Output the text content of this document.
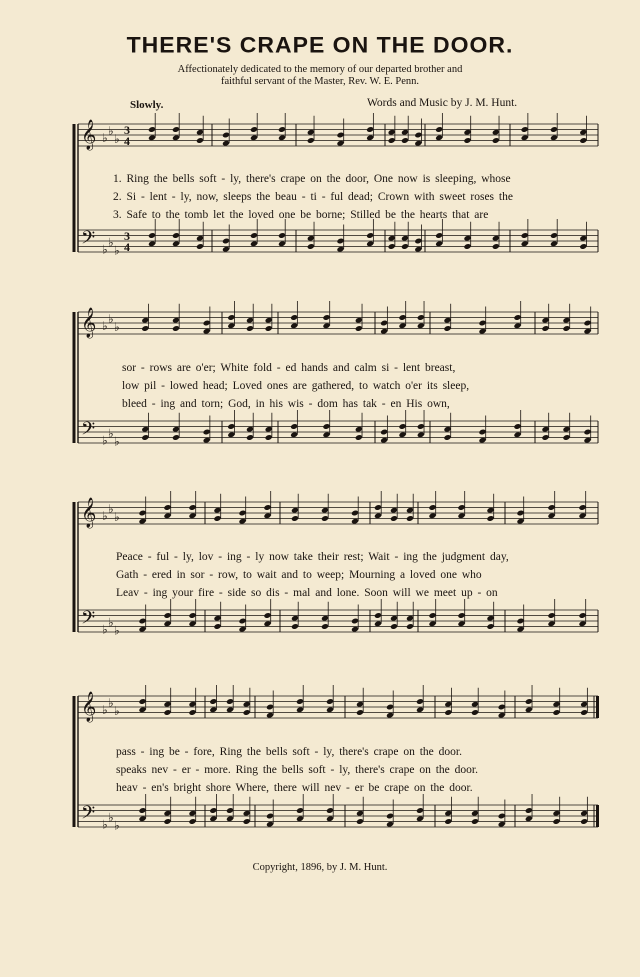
THERE'S CRAPE ON THE DOOR.
Affectionately dedicated to the memory of our departed brother and
faithful servant of the Master, Rev. W. E. Penn.
Slowly.	Words and Music by J. M. Hunt.
1. Ring the bells soft - ly, there's crape on the door, One now is sleeping, whose
2. Si - lent - ly, now, sleeps the beau - ti - ful dead; Crown with sweet roses the
3. Safe to the tomb let the loved one be borne; Stilled be the hearts that are
sor - rows are o'er; White fold - ed hands and calm si - lent breast,
low pil - lowed head; Loved ones are gathered, to watch o'er its sleep,
bleed - ing and torn; God, in his wis - dom has tak - en His own,
Peace - ful - ly, lov - ing - ly now take their rest; Wait - ing the judgment day,
Gath - ered in sor - row, to wait and to weep; Mourning a loved one who
Leav - ing your fire - side so dis - mal and lone. Soon will we meet up - on
pass - ing be - fore, Ring the bells soft - ly, there's crape on the door.
speaks nev - er - more. Ring the bells soft - ly, there's crape on the door.
heav - en's bright shore Where, there will nev - er be crape on the door.
Copyright, 1896, by J. M. Hunt.
𝄞
𝄢
♭
♭
♭
♭
♭
♭
3
4
3
4
𝄞
𝄢
♭
♭
♭
♭
♭
♭
𝄞
𝄢
♭
♭
♭
♭
♭
♭
𝄞
𝄢
♭
♭
♭
♭
♭
♭
